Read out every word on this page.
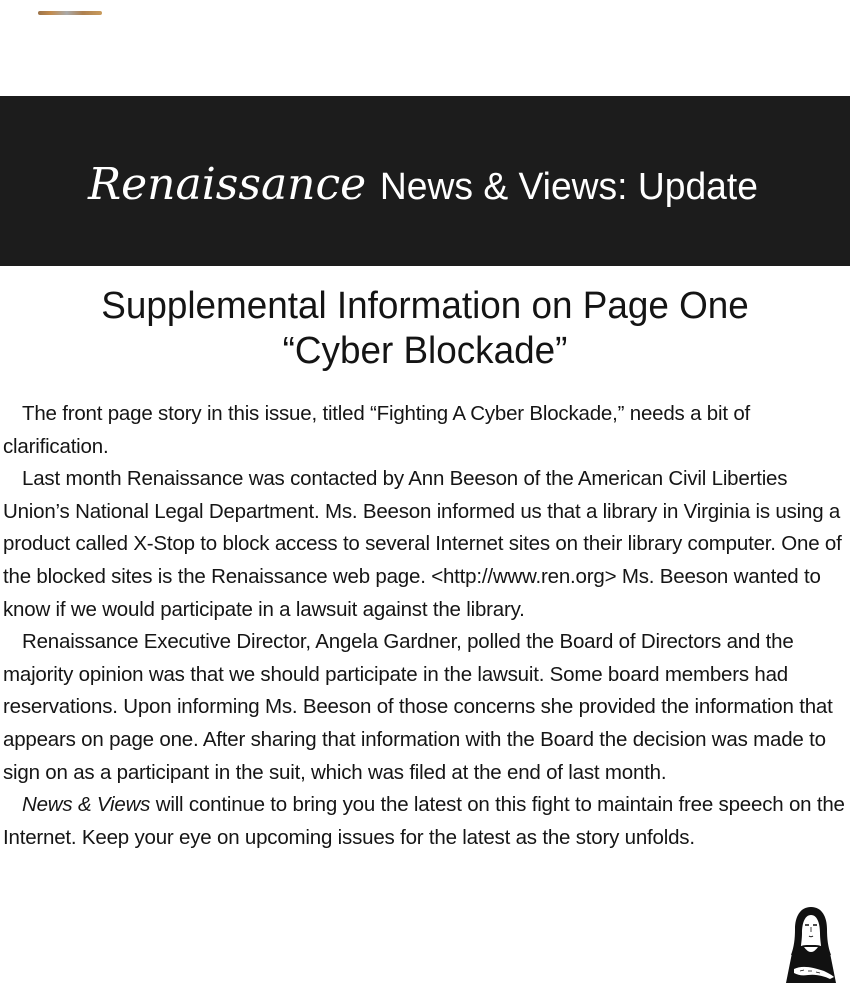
Renaissance News & Views: Update
Supplemental Information on Page One
“Cyber Blockade”

The front page story in this issue, titled “Fighting A Cyber Blockade,” needs a bit of clarification.

Last month Renaissance was contacted by Ann Beeson of the American Civil Liberties Union’s National Legal Department. Ms. Beeson informed us that a library in Virginia is using a product called X-Stop to block access to several Internet sites on their library computer. One of the blocked sites is the Renaissance web page. <http://www.ren.org> Ms. Beeson wanted to know if we would participate in a lawsuit against the library.

Renaissance Executive Director, Angela Gardner, polled the Board of Directors and the majority opinion was that we should participate in the lawsuit. Some board members had reservations. Upon informing Ms. Beeson of those concerns she provided the information that appears on page one. After sharing that information with the Board the decision was made to sign on as a participant in the suit, which was filed at the end of last month.

News & Views will continue to bring you the latest on this fight to maintain free speech on the Internet. Keep your eye on upcoming issues for the latest as the story unfolds.
